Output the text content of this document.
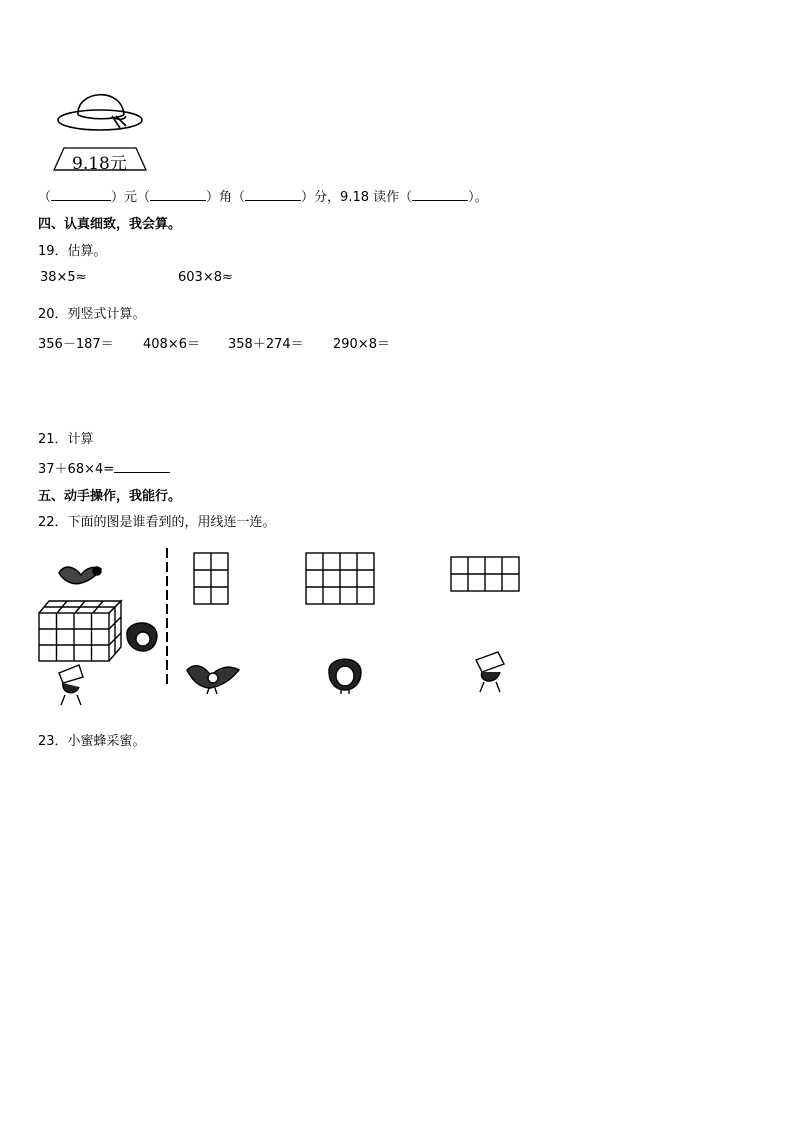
9.18元
（	）元（	）角（	）分，9.18 读作（	）。
四、认真细致，我会算。
19．估算。
38×5≈	603×8≈
20．列竖式计算。
356－187＝ 408×6＝ 358＋274＝ 290×8＝
21．计算
37＋68×4=
五、动手操作，我能行。
22．下面的图是谁看到的，用线连一连。
23．小蜜蜂采蜜。
